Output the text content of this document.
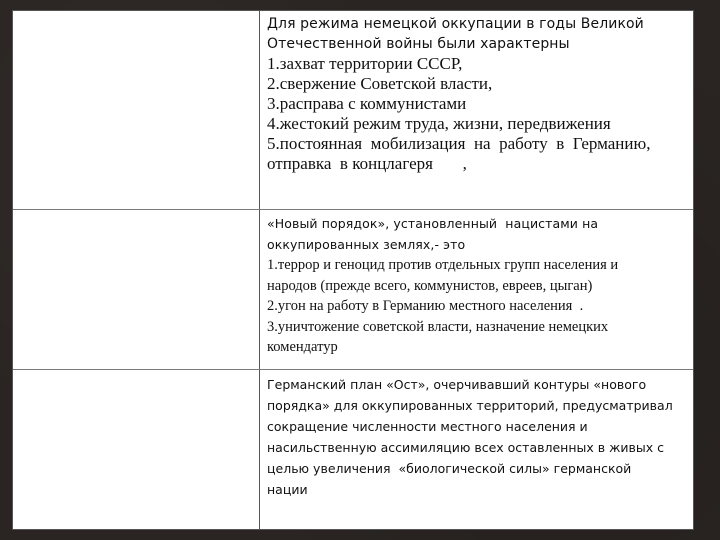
Для режима немецкой оккупации в годы Великой
Отечественной войны были характерны
1.захват территории СССР,
2.свержение Советской власти,
3.расправа с коммунистами
4.жестокий режим труда, жизни, передвижения
5.постоянная  мобилизация  на  работу  в  Германию,
отправка  в концлагеря       ,
«Новый порядок», установленный  нацистами на
оккупированных землях,- это
1.террор и геноцид против отдельных групп населения и
народов (прежде всего, коммунистов, евреев, цыган)
2.угон на работу в Германию местного населения  .
3.уничтожение советской власти, назначение немецких
комендатур
Германский план «Ост», очерчивавший контуры «нового
порядка» для оккупированных территорий, предусматривал
сокращение численности местного населения и
насильственную ассимиляцию всех оставленных в живых с
целью увеличения  «биологической силы» германской
нации
